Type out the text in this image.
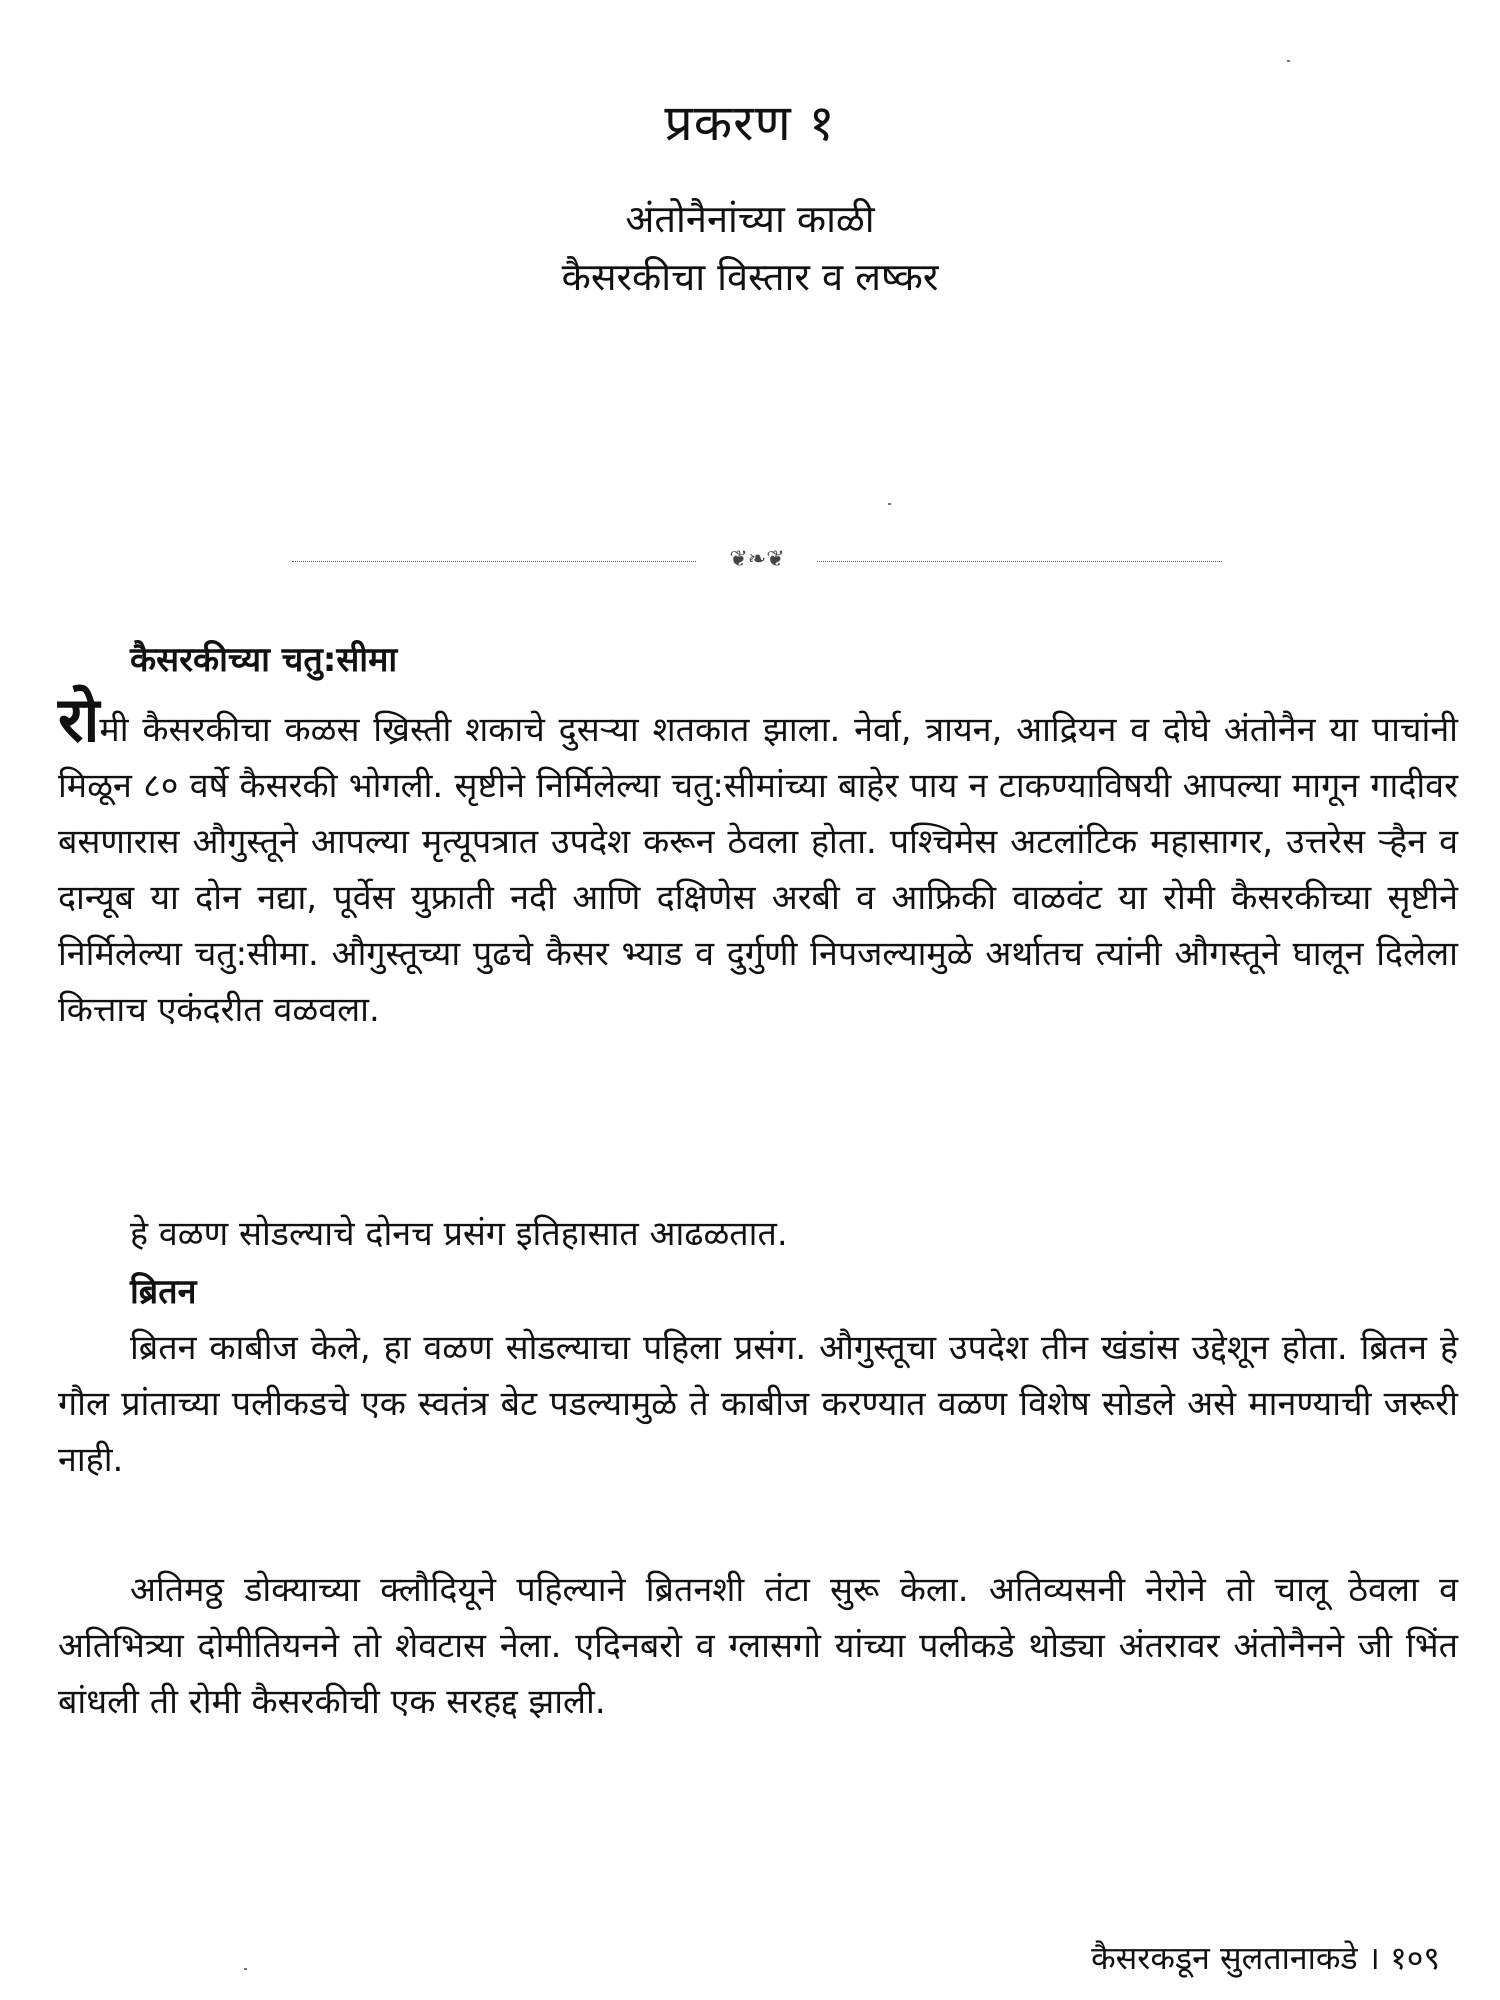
प्रकरण १
अंतोनैनांच्या काळी
कैसरकीचा विस्तार व लष्कर
❦❧❦
कैसरकीच्या चतु:सीमा

रोमी कैसरकीचा कळस ख्रिस्ती शकाचे दुसऱ्या शतकात झाला. नेर्वा, त्रायन, आद्रियन व दोघे अंतोनैन या पाचांनी मिळून ८० वर्षे कैसरकी भोगली. सृष्टीने निर्मिलेल्या चतु:सीमांच्या बाहेर पाय न टाकण्याविषयी आपल्या मागून गादीवर बसणारास औगुस्तूने आपल्या मृत्यूपत्रात उपदेश करून ठेवला होता. पश्चिमेस अटलांटिक महासागर, उत्तरेस ऱ्हैन व दान्यूब या दोन नद्या, पूर्वेस युफ्राती नदी आणि दक्षिणेस अरबी व आफ्रिकी वाळवंट या रोमी कैसरकीच्या सृष्टीने निर्मिलेल्या चतु:सीमा. औगुस्तूच्या पुढचे कैसर भ्याड व दुर्गुणी निपजल्यामुळे अर्थातच त्यांनी औगस्तूने घालून दिलेला कित्ताच एकंदरीत वळवला.

हे वळण सोडल्याचे दोनच प्रसंग इतिहासात आढळतात.

ब्रितन

ब्रितन काबीज केले, हा वळण सोडल्याचा पहिला प्रसंग. औगुस्तूचा उपदेश तीन खंडांस उद्देशून होता. ब्रितन हे गौल प्रांताच्या पलीकडचे एक स्वतंत्र बेट पडल्यामुळे ते काबीज करण्यात वळण विशेष सोडले असे मानण्याची जरूरी नाही.

अतिमठ्ठ डोक्याच्या क्लौदियूने पहिल्याने ब्रितनशी तंटा सुरू केला. अतिव्यसनी नेरोने तो चालू ठेवला व अतिभित्र्या दोमीतियनने तो शेवटास नेला. एदिनबरो व ग्लासगो यांच्या पलीकडे थोड्या अंतरावर अंतोनैनने जी भिंत बांधली ती रोमी कैसरकीची एक सरहद्द झाली.

कैसरकडून सुलतानाकडे । १०९
